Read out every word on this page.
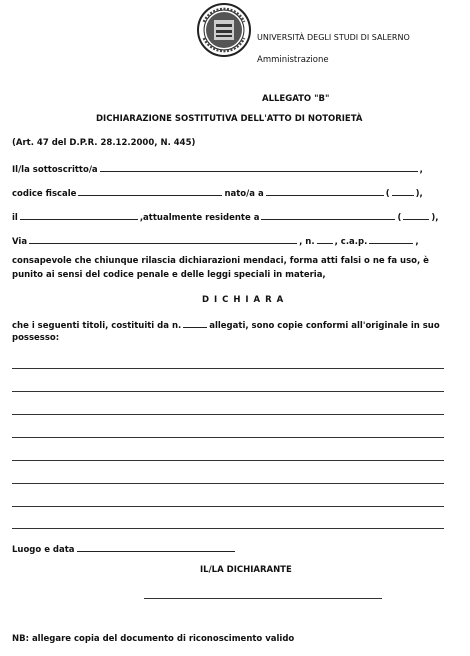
UNIVERSITÀ DEGLI STUDI DI SALERNO
Amministrazione
ALLEGATO "B"
DICHIARAZIONE SOSTITUTIVA DELL'ATTO DI NOTORIETÀ
(Art. 47 del D.P.R. 28.12.2000, N. 445)
Il/la sottoscritto/a	,
codice fiscale	nato/a a	(	),
il	,attualmente residente a	(	),
Via	, n. , c.a.p.	,
consapevole che chiunque rilascia dichiarazioni mendaci, forma atti falsi o ne fa uso, è
punito ai sensi del codice penale e delle leggi speciali in materia,
D I C H I A R A
che i seguenti titoli, costituiti da n.	allegati, sono copie conformi all'originale in suo
possesso:
Luogo e data
IL/LA DICHIARANTE
NB: allegare copia del documento di riconoscimento valido
